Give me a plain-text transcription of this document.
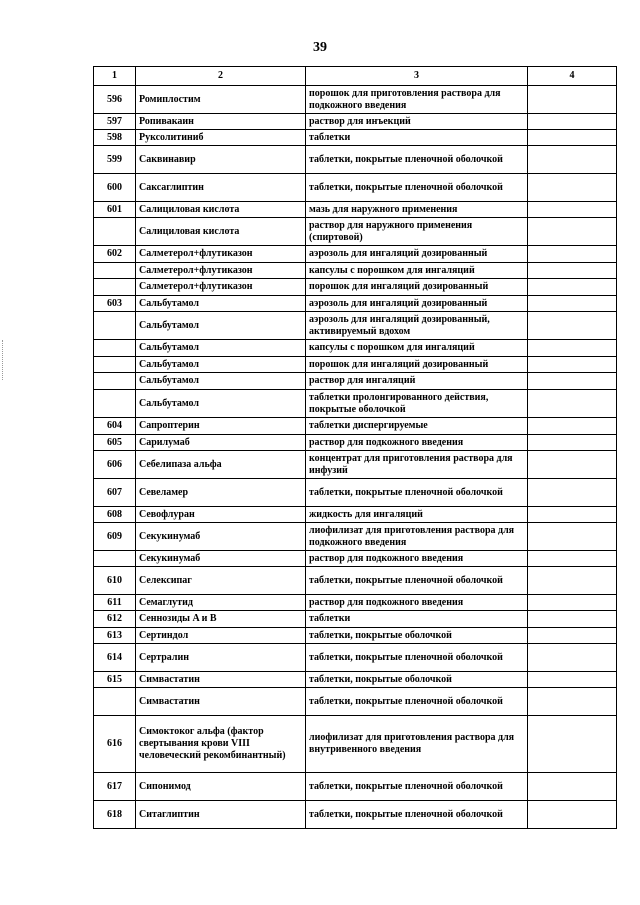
39
1	2	3	4
596	Ромиплостим	порошок для приготовления раствора для подкожного введения	
597	Ропивакаин	раствор для инъекций	
598	Руксолитиниб	таблетки	
599	Саквинавир	таблетки, покрытые пленочной оболочкой	
600	Саксаглиптин	таблетки, покрытые пленочной оболочкой	
601	Салициловая кислота	мазь для наружного применения	
	Салициловая кислота	раствор для наружного применения (спиртовой)	
602	Салметерол+флутиказон	аэрозоль для ингаляций дозированный	
	Салметерол+флутиказон	капсулы с порошком для ингаляций	
	Салметерол+флутиказон	порошок для ингаляций дозированный	
603	Сальбутамол	аэрозоль для ингаляций дозированный	
	Сальбутамол	аэрозоль для ингаляций дозированный, активируемый вдохом	
	Сальбутамол	капсулы с порошком для ингаляций	
	Сальбутамол	порошок для ингаляций дозированный	
	Сальбутамол	раствор для ингаляций	
	Сальбутамол	таблетки пролонгированного действия, покрытые оболочкой	
604	Сапроптерин	таблетки диспергируемые	
605	Сарилумаб	раствор для подкожного введения	
606	Себелипаза альфа	концентрат для приготовления раствора для инфузий	
607	Севеламер	таблетки, покрытые пленочной оболочкой	
608	Севофлуран	жидкость для ингаляций	
609	Секукинумаб	лиофилизат для приготовления раствора для подкожного введения	
	Секукинумаб	раствор для подкожного введения	
610	Селексипаг	таблетки, покрытые пленочной оболочкой	
611	Семаглутид	раствор для подкожного введения	
612	Сеннозиды A и B	таблетки	
613	Сертиндол	таблетки, покрытые оболочкой	
614	Сертралин	таблетки, покрытые пленочной оболочкой	
615	Симвастатин	таблетки, покрытые оболочкой	
	Симвастатин	таблетки, покрытые пленочной оболочкой	
616	Симоктоког альфа (фактор свертывания крови VIII человеческий рекомбинантный)	лиофилизат для приготовления раствора для внутривенного введения	
617	Сипонимод	таблетки, покрытые пленочной оболочкой	
618	Ситаглиптин	таблетки, покрытые пленочной оболочкой	
